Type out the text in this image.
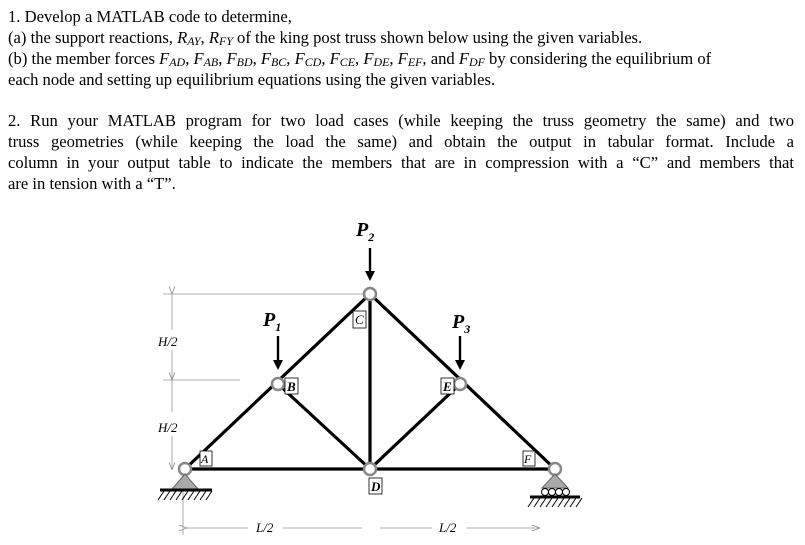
1. Develop a MATLAB code to determine,
(a) the support reactions, $R_{AY}$, $R_{FY}$ of the king post truss shown below using the given variables.
(b) the member forces $F_{AD}$, $F_{AB}$, $F_{BD}$, $F_{BC}$, $F_{CD}$, $F_{CE}$, $F_{DE}$, $F_{EF}$, and $F_{DF}$ by considering the equilibrium of
each node and setting up equilibrium equations using the given variables.
2. Run your MATLAB program for two load cases (while keeping the truss geometry the same) and two
truss geometries (while keeping the load the same) and obtain the output in tabular format. Include a
column in your output table to indicate the members that are in compression with a “C” and members that
are in tension with a “T”.
H/2
H/2
L/2	L/2
C
B	E
D
A	F
$P_2$
$P_1$	$P_3$
